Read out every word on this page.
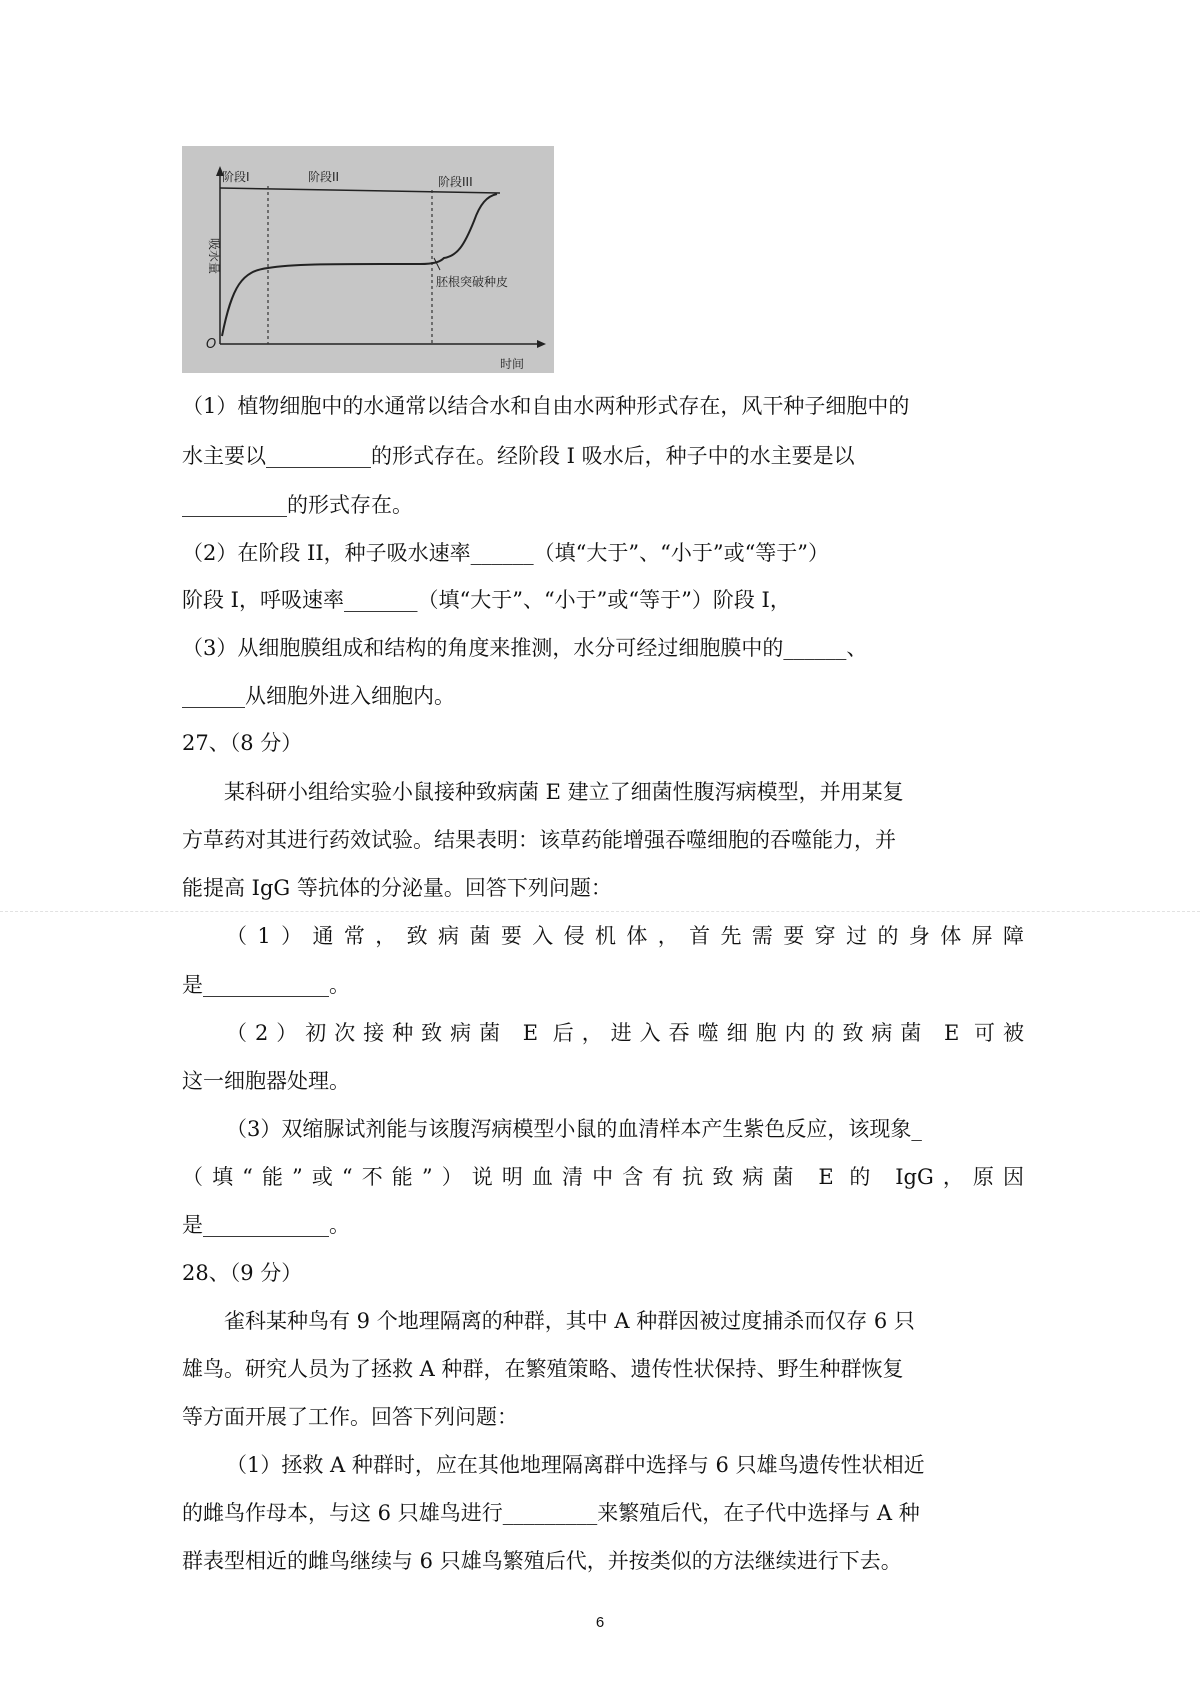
阶段I	阶段II	阶段III
吸水量
时间
O
胚根突破种皮
（1）植物细胞中的水通常以结合水和自由水两种形式存在，风干种子细胞中的
水主要以__________的形式存在。经阶段 I 吸水后，种子中的水主要是以
__________的形式存在。
（2）在阶段 II，种子吸水速率______（填“大于”、“小于”或“等于”）
阶段 I，呼吸速率_______（填“大于”、“小于”或“等于”）阶段 I，
（3）从细胞膜组成和结构的角度来推测，水分可经过细胞膜中的______、
______从细胞外进入细胞内。
27、（8 分）
　　某科研小组给实验小鼠接种致病菌 E 建立了细菌性腹泻病模型，并用某复
方草药对其进行药效试验。结果表明：该草药能增强吞噬细胞的吞噬能力，并
能提高 IgG 等抗体的分泌量。回答下列问题：
（1）通常，致病菌要入侵机体，首先需要穿过的身体屏障
是____________。
（2）初次接种致病菌 E 后，进入吞噬细胞内的致病菌 E 可被
这一细胞器处理。
（3）双缩脲试剂能与该腹泻病模型小鼠的血清样本产生紫色反应，该现象_
（填“能”或“不能”）说明血清中含有抗致病菌 E 的 IgG，原因
是____________。
28、（9 分）
　　雀科某种鸟有 9 个地理隔离的种群，其中 A 种群因被过度捕杀而仅存 6 只
雄鸟。研究人员为了拯救 A 种群，在繁殖策略、遗传性状保持、野生种群恢复
等方面开展了工作。回答下列问题：
（1）拯救 A 种群时，应在其他地理隔离群中选择与 6 只雄鸟遗传性状相近
的雌鸟作母本，与这 6 只雄鸟进行_________来繁殖后代，在子代中选择与 A 种
群表型相近的雌鸟继续与 6 只雄鸟繁殖后代，并按类似的方法继续进行下去。
6
